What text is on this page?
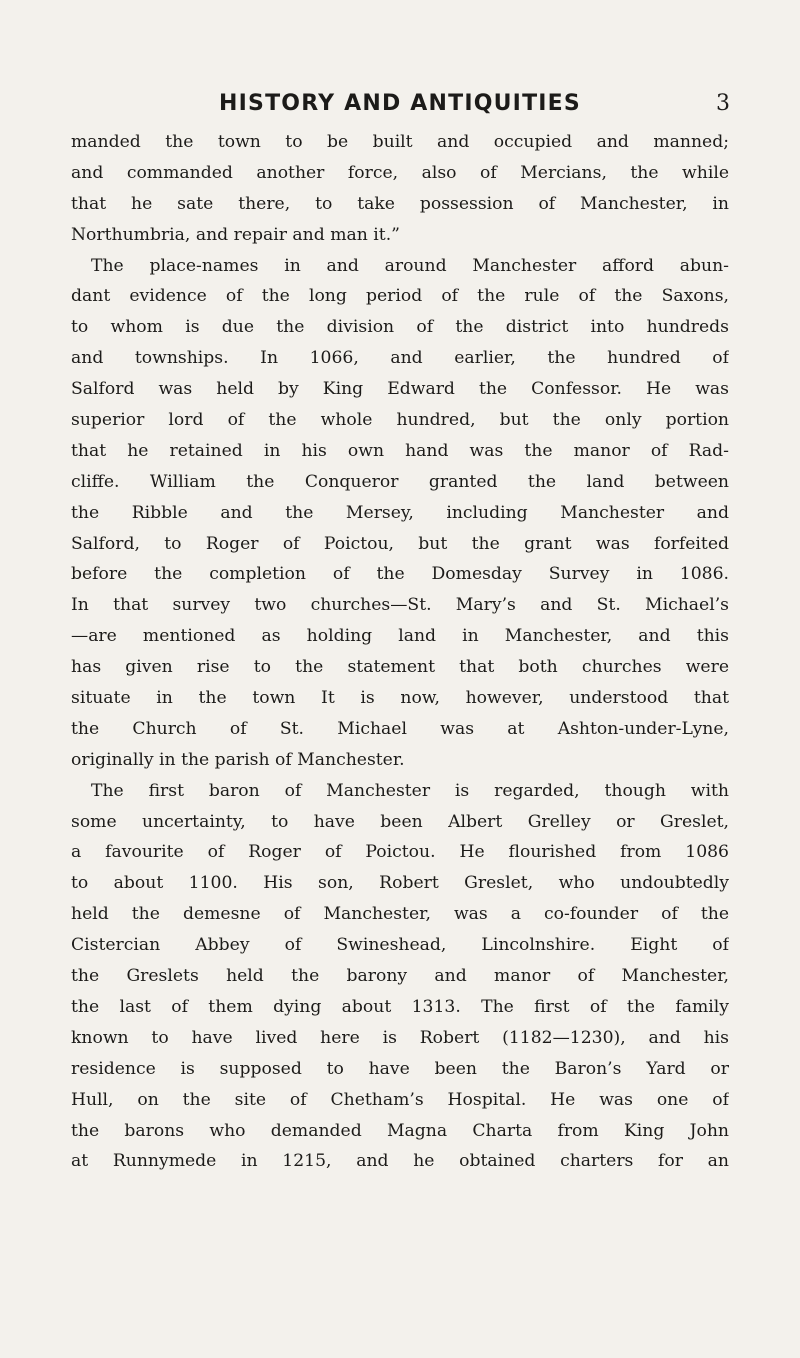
HISTORY AND ANTIQUITIES	3
manded the town to be built and occupied and manned;
and commanded another force, also of Mercians, the while
that he sate there, to take possession of Manchester, in
Northumbria, and repair and man it.”
The place-names in and around Manchester afford abun-
dant evidence of the long period of the rule of the Saxons,
to whom is due the division of the district into hundreds
and townships. In 1066, and earlier, the hundred of
Salford was held by King Edward the Confessor. He was
superior lord of the whole hundred, but the only portion
that he retained in his own hand was the manor of Rad-
cliffe. William the Conqueror granted the land between
the Ribble and the Mersey, including Manchester and
Salford, to Roger of Poictou, but the grant was forfeited
before the completion of the Domesday Survey in 1086.
In that survey two churches—St. Mary’s and St. Michael’s
—are mentioned as holding land in Manchester, and this
has given rise to the statement that both churches were
situate in the town It is now, however, understood that
the Church of St. Michael was at Ashton-under-Lyne,
originally in the parish of Manchester.
The first baron of Manchester is regarded, though with
some uncertainty, to have been Albert Grelley or Greslet,
a favourite of Roger of Poictou. He flourished from 1086
to about 1100. His son, Robert Greslet, who undoubtedly
held the demesne of Manchester, was a co-founder of the
Cistercian Abbey of Swineshead, Lincolnshire. Eight of
the Greslets held the barony and manor of Manchester,
the last of them dying about 1313. The first of the family
known to have lived here is Robert (1182—1230), and his
residence is supposed to have been the Baron’s Yard or
Hull, on the site of Chetham’s Hospital. He was one of
the barons who demanded Magna Charta from King John
at Runnymede in 1215, and he obtained charters for an
